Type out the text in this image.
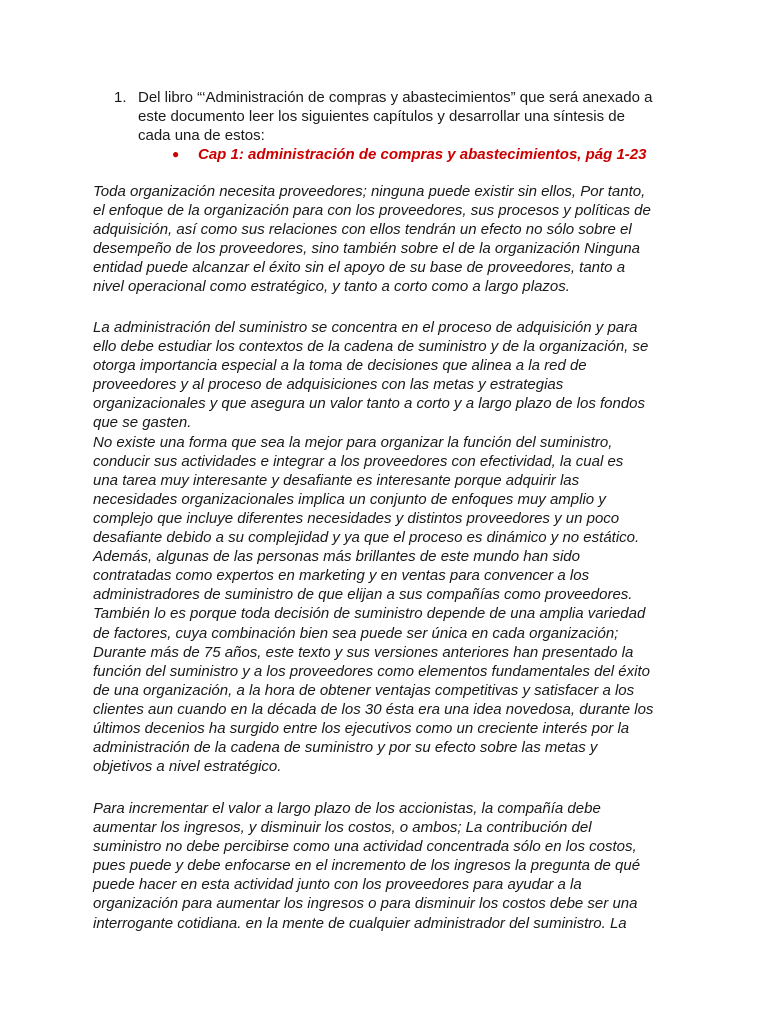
1. Del libro “‘Administración de compras y abastecimientos” que será anexado a
este documento leer los siguientes capítulos y desarrollar una síntesis de
cada una de estos:
● Cap 1: administración de compras y abastecimientos, pág 1-23
Toda organización necesita proveedores; ninguna puede existir sin ellos, Por tanto,
el enfoque de la organización para con los proveedores, sus procesos y políticas de
adquisición, así como sus relaciones con ellos tendrán un efecto no sólo sobre el
desempeño de los proveedores, sino también sobre el de la organización Ninguna
entidad puede alcanzar el éxito sin el apoyo de su base de proveedores, tanto a
nivel operacional como estratégico, y tanto a corto como a largo plazos.
La administración del suministro se concentra en el proceso de adquisición y para
ello debe estudiar los contextos de la cadena de suministro y de la organización, se
otorga importancia especial a la toma de decisiones que alinea a la red de
proveedores y al proceso de adquisiciones con las metas y estrategias
organizacionales y que asegura un valor tanto a corto y a largo plazo de los fondos
que se gasten.
No existe una forma que sea la mejor para organizar la función del suministro,
conducir sus actividades e integrar a los proveedores con efectividad, la cual es
una tarea muy interesante y desafiante es interesante porque adquirir las
necesidades organizacionales implica un conjunto de enfoques muy amplio y
complejo que incluye diferentes necesidades y distintos proveedores y un poco
desafiante debido a su complejidad y ya que el proceso es dinámico y no estático.
Además, algunas de las personas más brillantes de este mundo han sido
contratadas como expertos en marketing y en ventas para convencer a los
administradores de suministro de que elijan a sus compañías como proveedores.
También lo es porque toda decisión de suministro depende de una amplia variedad
de factores, cuya combinación bien sea puede ser única en cada organización;
Durante más de 75 años, este texto y sus versiones anteriores han presentado la
función del suministro y a los proveedores como elementos fundamentales del éxito
de una organización, a la hora de obtener ventajas competitivas y satisfacer a los
clientes aun cuando en la década de los 30 ésta era una idea novedosa, durante los
últimos decenios ha surgido entre los ejecutivos como un creciente interés por la
administración de la cadena de suministro y por su efecto sobre las metas y
objetivos a nivel estratégico.
Para incrementar el valor a largo plazo de los accionistas, la compañía debe
aumentar los ingresos, y disminuir los costos, o ambos; La contribución del
suministro no debe percibirse como una actividad concentrada sólo en los costos,
pues puede y debe enfocarse en el incremento de los ingresos la pregunta de qué
puede hacer en esta actividad junto con los proveedores para ayudar a la
organización para aumentar los ingresos o para disminuir los costos debe ser una
interrogante cotidiana. en la mente de cualquier administrador del suministro. La
